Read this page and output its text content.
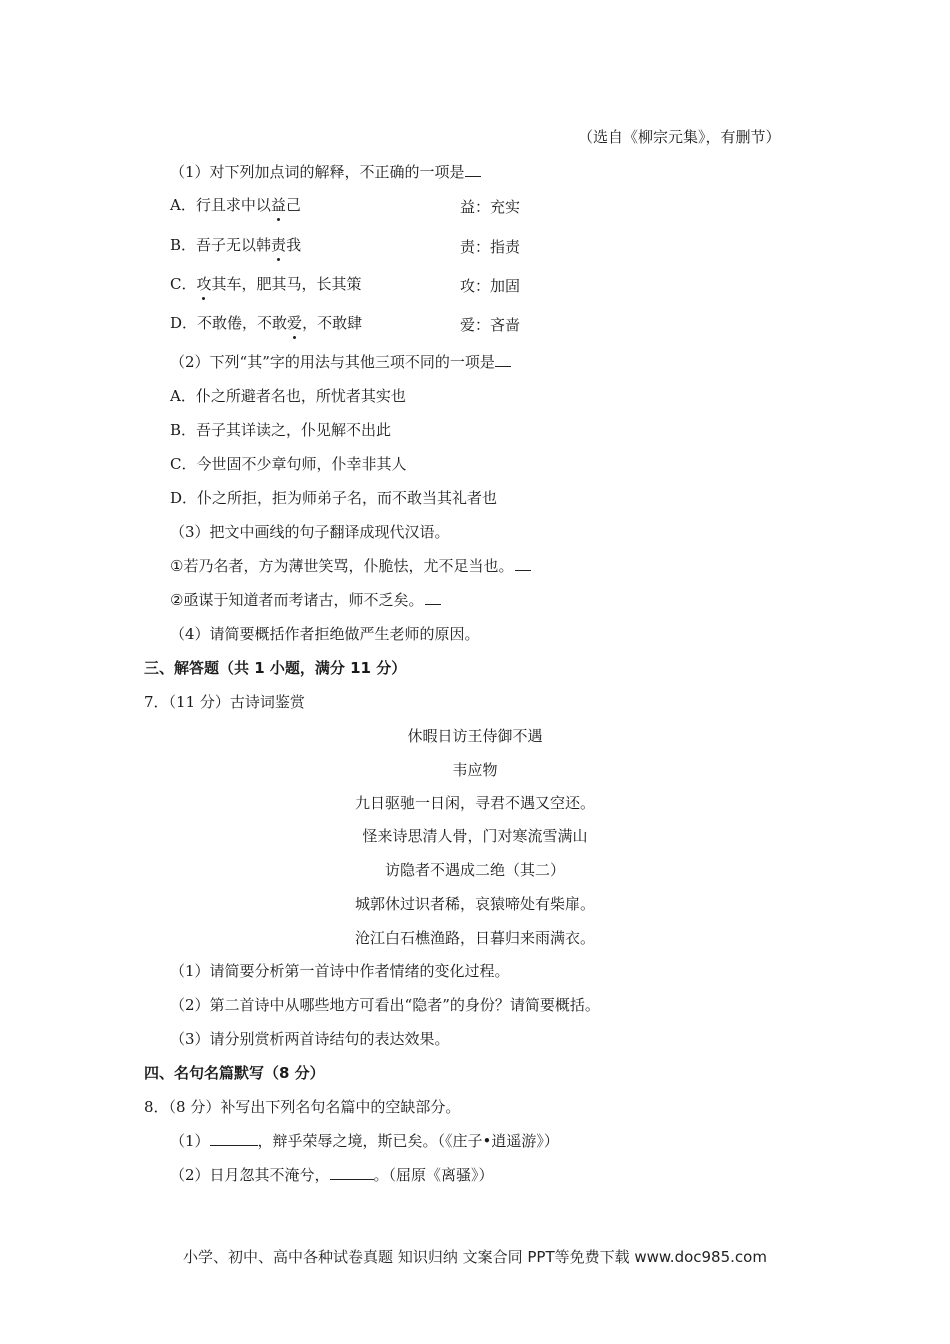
（选自《柳宗元集》，有删节）
（1）对下列加点词的解释，不正确的一项是
A．行且求中以益己	益：充实
B．吾子无以韩责我	责：指责
C．攻其车，肥其马，长其策	攻：加固
D．不敢倦，不敢爱，不敢肆	爱：吝啬
（2）下列“其”字的用法与其他三项不同的一项是
A．仆之所避者名也，所忧者其实也
B．吾子其详读之，仆见解不出此
C．今世固不少章句师，仆幸非其人
D．仆之所拒，拒为师弟子名，而不敢当其礼者也
（3）把文中画线的句子翻译成现代汉语。
①若乃名者，方为薄世笑骂，仆脆怯，尤不足当也。
②亟谋于知道者而考诸古，师不乏矣。
（4）请简要概括作者拒绝做严生老师的原因。
三、解答题（共 1 小题，满分 11 分）
7．（11 分）古诗词鉴赏
休暇日访王侍御不遇
韦应物
九日驱驰一日闲，寻君不遇又空还。
怪来诗思清人骨，门对寒流雪满山
访隐者不遇成二绝（其二）
城郭休过识者稀，哀猿啼处有柴扉。
沧江白石樵渔路，日暮归来雨满衣。
（1）请简要分析第一首诗中作者情绪的变化过程。
（2）第二首诗中从哪些地方可看出“隐者”的身份？请简要概括。
（3）请分别赏析两首诗结句的表达效果。
四、名句名篇默写（8 分）
8．（8 分）补写出下列名句名篇中的空缺部分。
（1）	，辩乎荣辱之境，斯已矣。（《庄子•逍遥游》）
（2）日月忽其不淹兮，	。（屈原《离骚》）
小学、初中、高中各种试卷真题 知识归纳 文案合同 PPT等免费下载 www.doc985.com
